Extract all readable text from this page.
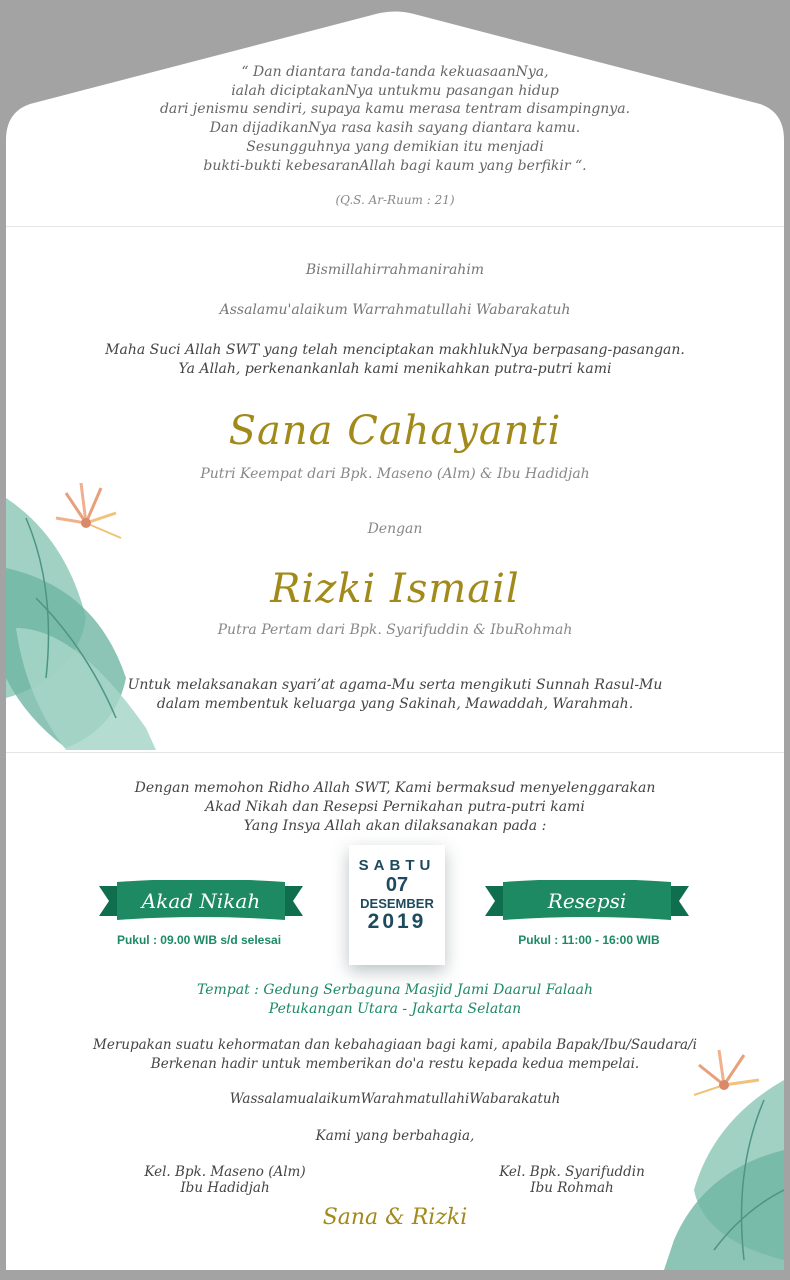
“ Dan diantara tanda-tanda kekuasaanNya,
ialah diciptakanNya untukmu pasangan hidup
dari jenismu sendiri, supaya kamu merasa tentram disampingnya.
Dan dijadikanNya rasa kasih sayang diantara kamu.
Sesungguhnya yang demikian itu menjadi
bukti-bukti kebesaranAllah bagi kaum yang berfikir “.
(Q.S. Ar-Ruum : 21)
Bismillahirrahmanirahim
Assalamu'alaikum Warrahmatullahi Wabarakatuh
Maha Suci Allah SWT yang telah menciptakan makhlukNya berpasang-pasangan.
Ya Allah, perkenankanlah kami menikahkan putra-putri kami
Sana Cahayanti
Putri Keempat dari Bpk. Maseno (Alm) & Ibu Hadidjah
Dengan
Rizki Ismail
Putra Pertam dari Bpk. Syarifuddin & IbuRohmah
Untuk melaksanakan syari’at agama-Mu serta mengikuti Sunnah Rasul-Mu
dalam membentuk keluarga yang Sakinah, Mawaddah, Warahmah.
Dengan memohon Ridho Allah SWT, Kami bermaksud menyelenggarakan
Akad Nikah dan Resepsi Pernikahan putra-putri kami
Yang Insya Allah akan dilaksanakan pada :
Akad Nikah
Pukul : 09.00 WIB s/d selesai
Resepsi
Pukul : 11:00 - 16:00 WIB
SABTU
07
DESEMBER
2019
Tempat : Gedung Serbaguna Masjid Jami Daarul Falaah
Petukangan Utara - Jakarta Selatan
Merupakan suatu kehormatan dan kebahagiaan bagi kami, apabila Bapak/Ibu/Saudara/i
Berkenan hadir untuk memberikan do'a restu kepada kedua mempelai.
WassalamualaikumWarahmatullahiWabarakatuh
Kami yang berbahagia,
Kel. Bpk. Maseno (Alm)
Ibu Hadidjah
Kel. Bpk. Syarifuddin
Ibu Rohmah
Sana & Rizki
